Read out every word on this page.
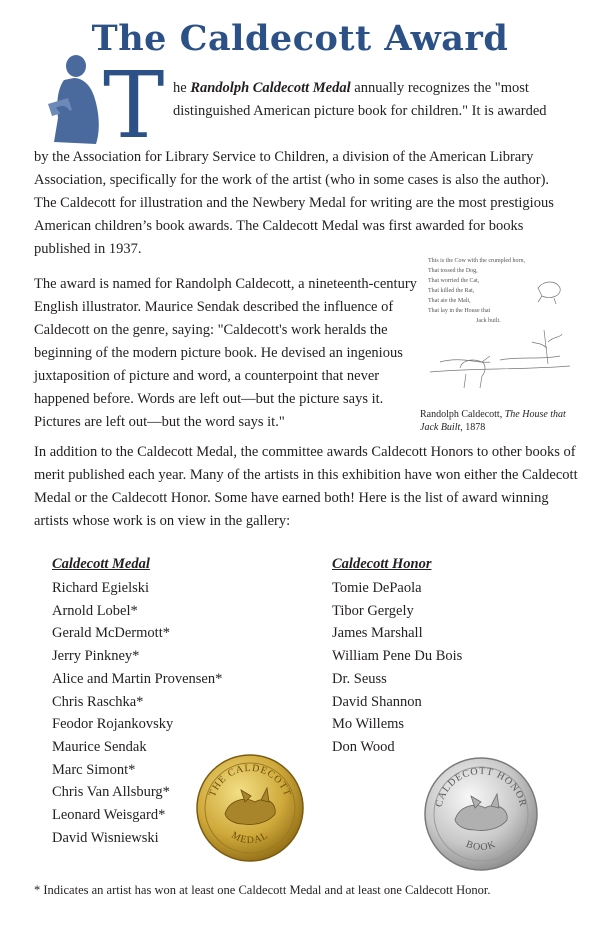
The Caldecott Award
T he Randolph Caldecott Medal annually recognizes the "most distinguished American picture book for children." It is awarded
by the Association for Library Service to Children, a division of the American Library Association, specifically for the work of the artist (who in some cases is also the author). The Caldecott for illustration and the Newbery Medal for writing are the most prestigious American children’s book awards. The Caldecott Medal was first awarded for books published in 1937.
The award is named for Randolph Caldecott, a nineteenth-century English illustrator. Maurice Sendak described the influence of Caldecott on the genre, saying: "Caldecott's work heralds the beginning of the modern picture book. He devised an ingenious juxtaposition of picture and word, a counterpoint that never happened before. Words are left out—but the picture says it. Pictures are left out—but the word says it."
This is the Cow with the crumpled horn,
That tossed the Dog,
That worried the Cat,
That killed the Rat,
That ate the Malt,
That lay in the House that
Jack built.
Randolph Caldecott, The House that Jack Built, 1878
In addition to the Caldecott Medal, the committee awards Caldecott Honors to other books of merit published each year. Many of the artists in this exhibition have won either the Caldecott Medal or the Caldecott Honor. Some have earned both! Here is the list of award winning artists whose work is on view in the gallery:
Caldecott Medal
Richard Egielski
Arnold Lobel*
Gerald McDermott*
Jerry Pinkney*
Alice and Martin Provensen*
Chris Raschka*
Feodor Rojankovsky
Maurice Sendak
Marc Simont*
Chris Van Allsburg*
Leonard Weisgard*
David Wisniewski
Caldecott Honor
Tomie DePaola
Tibor Gergely
James Marshall
William Pene Du Bois
Dr. Seuss
David Shannon
Mo Willems
Don Wood
THE CALDECOTT
MEDAL
CALDECOTT HONOR
BOOK
* Indicates an artist has won at least one Caldecott Medal and at least one Caldecott Honor.
